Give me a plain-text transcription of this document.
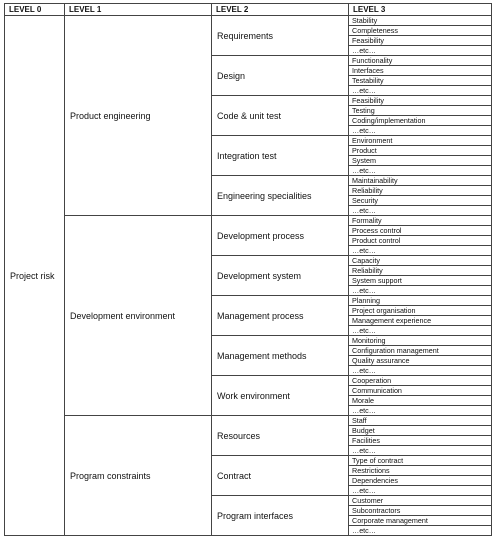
LEVEL 0	LEVEL 1	LEVEL 2	LEVEL 3
Project risk	Product engineering	Requirements	Stability
			Completeness
			Feasibility
			…etc…
		Design	Functionality
			Interfaces
			Testability
			…etc…
		Code & unit test	Feasibility
			Testing
			Coding/implementation
			…etc…
		Integration test	Environment
			Product
			System
			…etc…
		Engineering specialities	Maintainability
			Reliability
			Security
			…etc…
	Development environment	Development process	Formality
			Process control
			Product control
			…etc…
		Development system	Capacity
			Reliability
			System support
			…etc…
		Management process	Planning
			Project organisation
			Management experience
			…etc…
		Management methods	Monitoring
			Configuration management
			Quality assurance
			…etc…
		Work environment	Cooperation
			Communication
			Morale
			…etc…
	Program constraints	Resources	Staff
			Budget
			Facilities
			…etc…
		Contract	Type of contract
			Restrictions
			Dependencies
			…etc…
		Program interfaces	Customer
			Subcontractors
			Corporate management
			…etc…
